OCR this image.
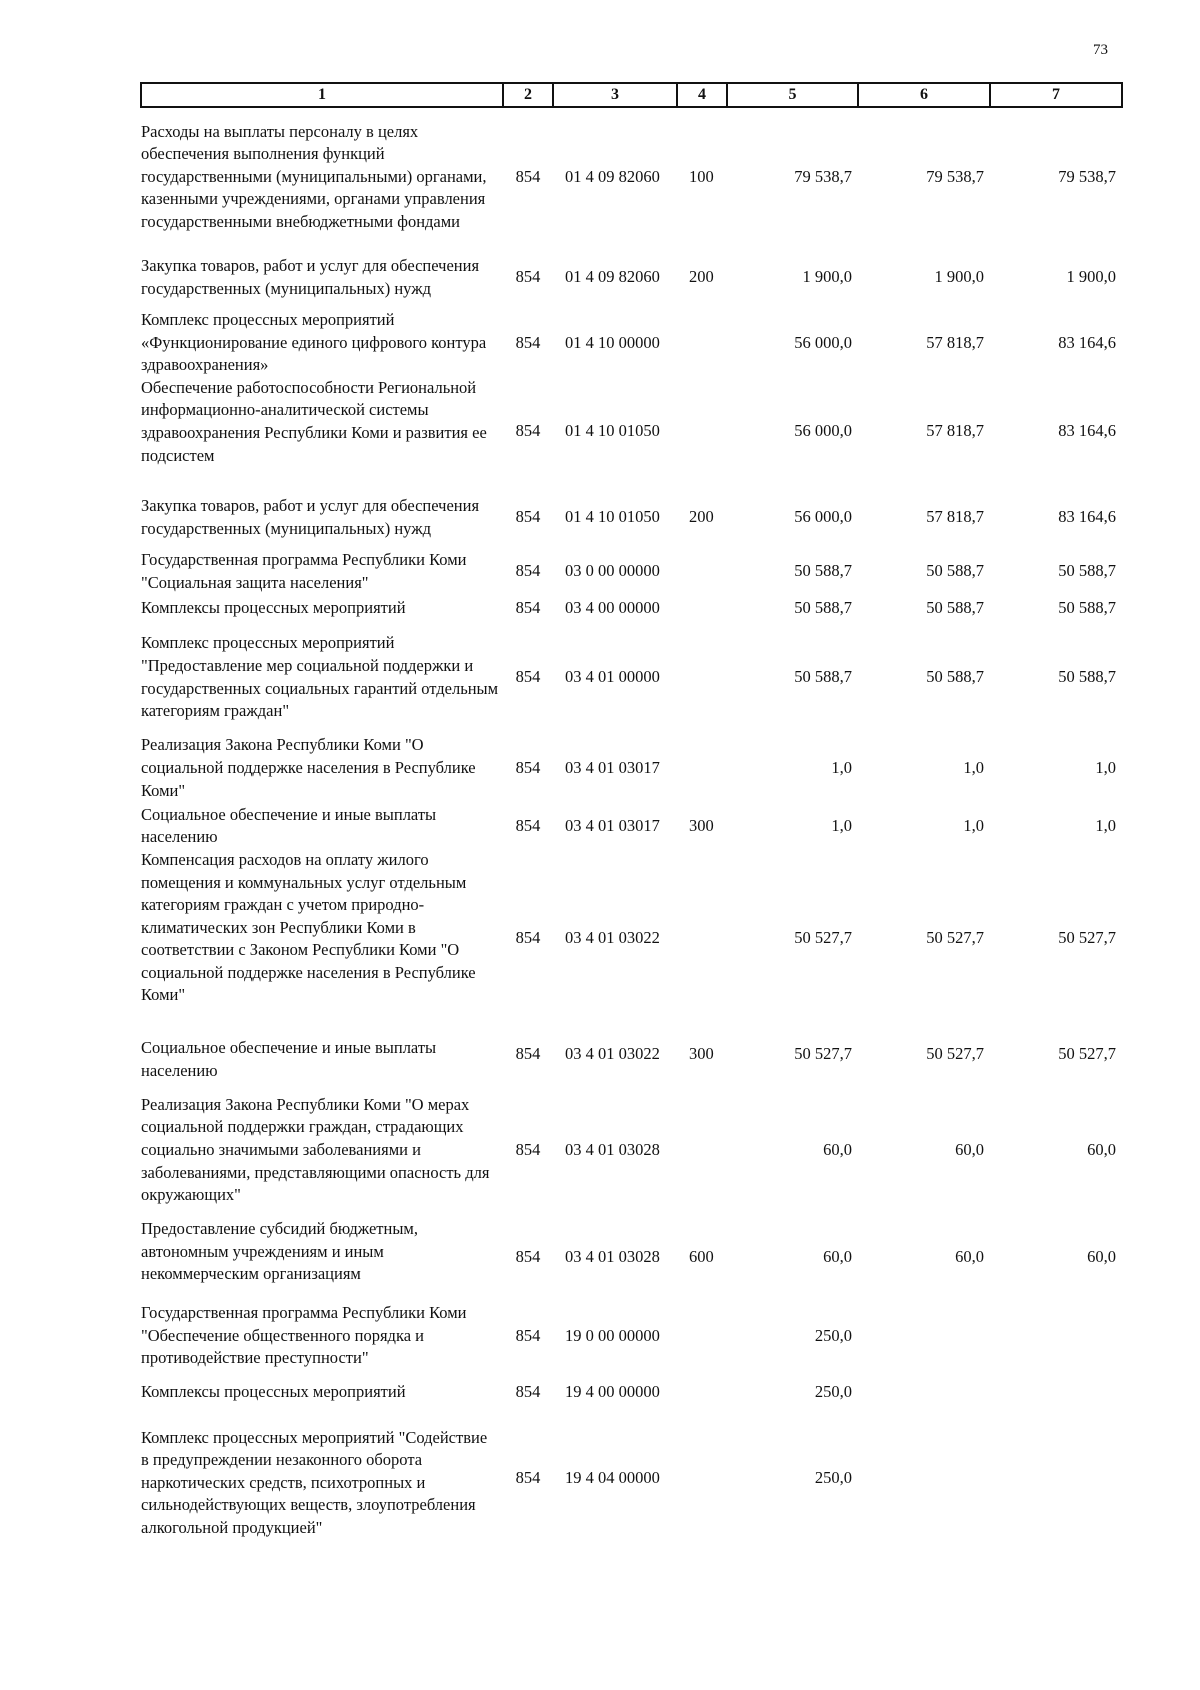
73
1	2	3	4	5	6	7
Расходы на выплаты персоналу в целях обеспечения выполнения функций государственными (муниципальными) органами, казенными учреждениями, органами управления государственными внебюджетными фондами	854	01 4 09 82060	100	79 538,7	79 538,7	79 538,7
Закупка товаров, работ и услуг для обеспечения государственных (муниципальных) нужд	854	01 4 09 82060	200	1 900,0	1 900,0	1 900,0
Комплекс процессных мероприятий «Функционирование единого цифрового контура здравоохранения»	854	01 4 10 00000		56 000,0	57 818,7	83 164,6
Обеспечение работоспособности Региональной информационно-аналитической системы здравоохранения Республики Коми и развития ее подсистем	854	01 4 10 01050		56 000,0	57 818,7	83 164,6
Закупка товаров, работ и услуг для обеспечения государственных (муниципальных) нужд	854	01 4 10 01050	200	56 000,0	57 818,7	83 164,6
Государственная программа Республики Коми "Социальная защита населения"	854	03 0 00 00000		50 588,7	50 588,7	50 588,7
Комплексы процессных мероприятий	854	03 4 00 00000		50 588,7	50 588,7	50 588,7
Комплекс процессных мероприятий "Предоставление мер социальной поддержки и государственных социальных гарантий отдельным категориям граждан"	854	03 4 01 00000		50 588,7	50 588,7	50 588,7
Реализация Закона Республики Коми "О социальной поддержке населения в Республике Коми"	854	03 4 01 03017		1,0	1,0	1,0
Социальное обеспечение и иные выплаты населению	854	03 4 01 03017	300	1,0	1,0	1,0
Компенсация расходов на оплату жилого помещения и коммунальных услуг отдельным категориям граждан с учетом природно-климатических зон Республики Коми в соответствии с Законом Республики Коми "О социальной поддержке населения в Республике Коми"	854	03 4 01 03022		50 527,7	50 527,7	50 527,7
Социальное обеспечение и иные выплаты населению	854	03 4 01 03022	300	50 527,7	50 527,7	50 527,7
Реализация Закона Республики Коми "О мерах социальной поддержки граждан, страдающих социально значимыми заболеваниями и заболеваниями, представляющими опасность для окружающих"	854	03 4 01 03028		60,0	60,0	60,0
Предоставление субсидий бюджетным, автономным учреждениям и иным некоммерческим организациям	854	03 4 01 03028	600	60,0	60,0	60,0
Государственная программа Республики Коми "Обеспечение общественного порядка и противодействие преступности"	854	19 0 00 00000		250,0		
Комплексы процессных мероприятий	854	19 4 00 00000		250,0		
Комплекс процессных мероприятий "Содействие в предупреждении незаконного оборота наркотических средств, психотропных и сильнодействующих веществ, злоупотребления алкогольной продукцией"	854	19 4 04 00000		250,0		
